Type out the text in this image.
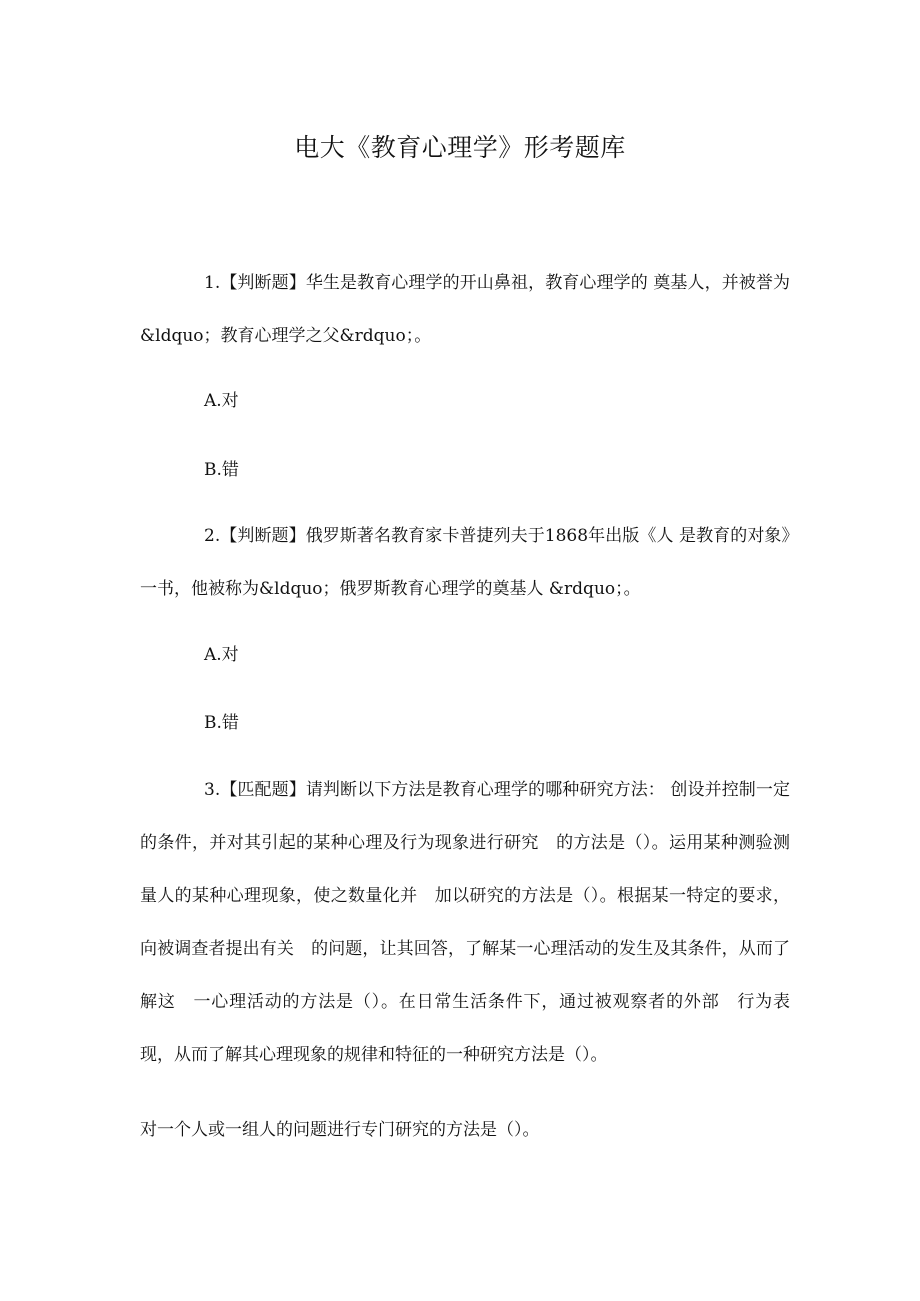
电大《教育心理学》形考题库

1.【判断题】华生是教育心理学的开山鼻祖，教育心理学的 奠基人，并被誉为&ldquo；教育心理学之父&rdquo；。

A.对

B.错

2.【判断题】俄罗斯著名教育家卡普捷列夫于1868年出版《人 是教育的对象》一书，他被称为&ldquo；俄罗斯教育心理学的奠基人 &rdquo；。

A.对

B.错

3.【匹配题】请判断以下方法是教育心理学的哪种研究方法： 创设并控制一定的条件，并对其引起的某种心理及行为现象进行研究　的方法是（）。运用某种测验测量人的某种心理现象，使之数量化并　加以研究的方法是（）。根据某一特定的要求，向被调查者提出有关　的问题，让其回答，了解某一心理活动的发生及其条件，从而了解这　一心理活动的方法是（）。在日常生活条件下，通过被观察者的外部　行为表现，从而了解其心理现象的规律和特征的一种研究方法是（）。

对一个人或一组人的问题进行专门研究的方法是（）。
